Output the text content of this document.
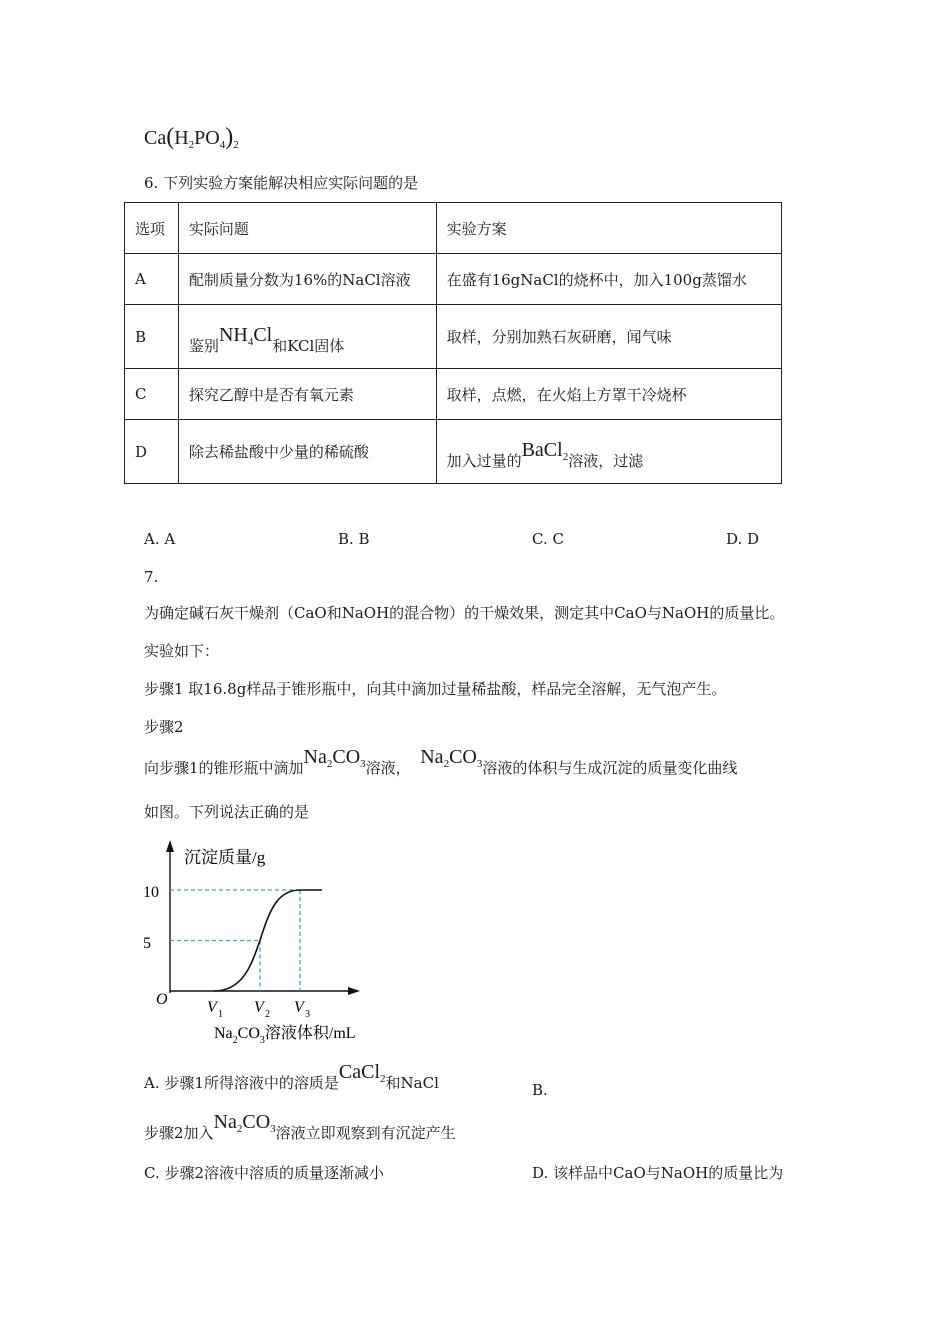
$Ca(H_2PO_4)_2$
6. 下列实验方案能解决相应实际问题的是
选项	实际问题	实验方案
A	配制质量分数为16%的NaCl溶液	在盛有16gNaCl的烧杯中，加入100g蒸馏水
B	鉴别$NH_4Cl$和KCl固体	取样，分别加熟石灰研磨，闻气味
C	探究乙醇中是否有氧元素	取样，点燃，在火焰上方罩干冷烧杯
D	除去稀盐酸中少量的稀硫酸	加入过量的BaCl$_2$溶液，过滤
A. A	B. B	C. C	D. D
7.
为确定碱石灰干燥剂（CaO和NaOH的混合物）的干燥效果，测定其中CaO与NaOH的质量比。
实验如下：
步骤1 取16.8g样品于锥形瓶中，向其中滴加过量稀盐酸，样品完全溶解，无气泡产生。
步骤2
向步骤1的锥形瓶中滴加$Na_2CO_3$溶液， $Na_2CO_3$溶液的体积与生成沉淀的质量变化曲线
如图。下列说法正确的是
沉淀质量/g
O
5
10
V 1 V 2 V 3
$Na_2CO_3$溶液体积/mL
A. 步骤1所得溶液中的溶质是CaCl$_2$和NaCl	B.
步骤2加入$Na_2CO_3$溶液立即观察到有沉淀产生
C. 步骤2溶液中溶质的质量逐渐减小	D. 该样品中CaO与NaOH的质量比为
